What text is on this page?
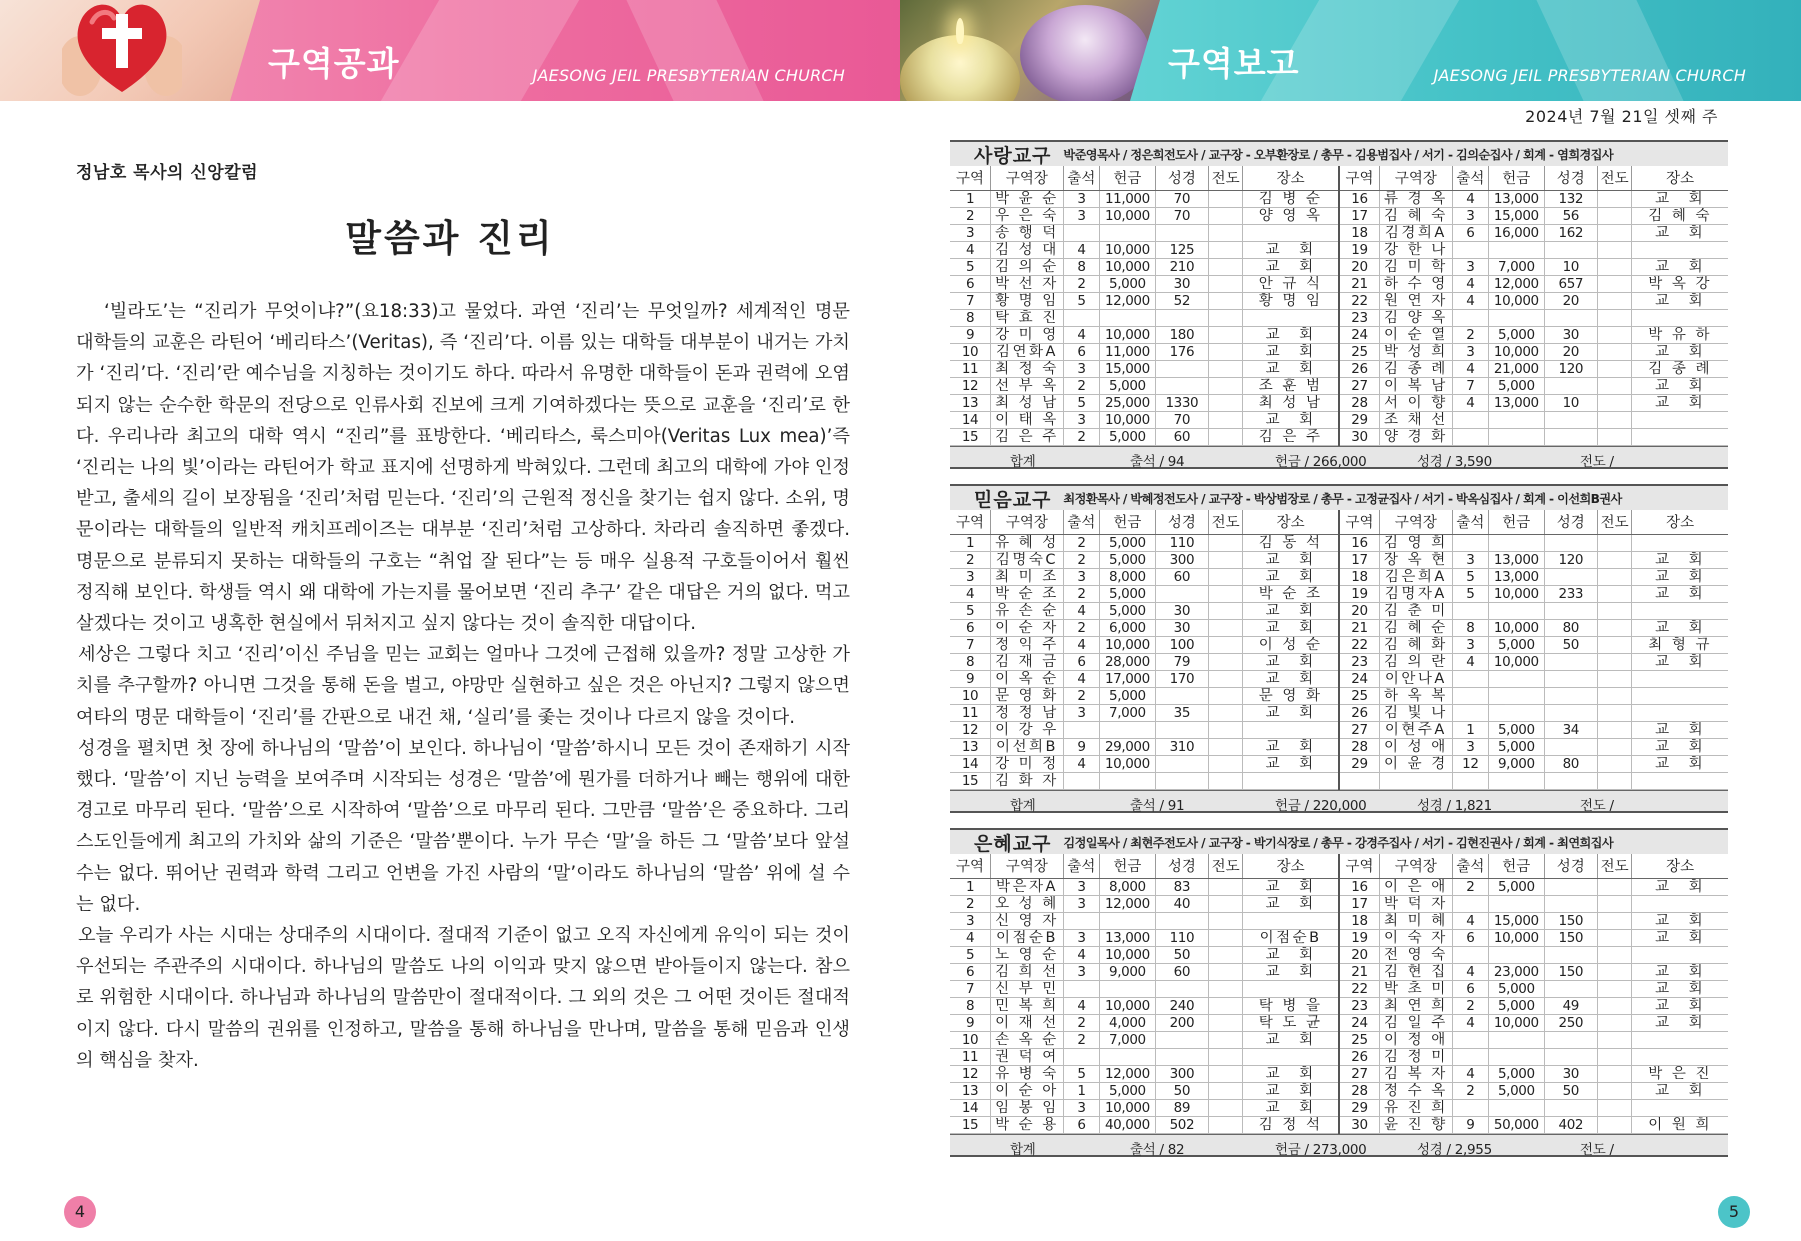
구역공과	JAESONG JEIL PRESBYTERIAN CHURCH
정남호 목사의 신앙칼럼
말씀과 진리

‘빌라도’는 “진리가 무엇이냐?”(요18:33)고 물었다. 과연 ‘진리’는 무엇일까? 세계적인 명문 대학들의 교훈은 라틴어 ‘베리타스’(Veritas), 즉 ‘진리’다. 이름 있는 대학들 대부분이 내거는 가치가 ‘진리’다. ‘진리’란 예수님을 지칭하는 것이기도 하다. 따라서 유명한 대학들이 돈과 권력에 오염되지 않는 순수한 학문의 전당으로 인류사회 진보에 크게 기여하겠다는 뜻으로 교훈을 ‘진리’로 한다. 우리나라 최고의 대학 역시 “진리”를 표방한다. ‘베리타스, 룩스미아(Veritas Lux mea)’즉 ‘진리는 나의 빛’이라는 라틴어가 학교 표지에 선명하게 박혀있다. 그런데 최고의 대학에 가야 인정 받고, 출세의 길이 보장됨을 ‘진리’처럼 믿는다. ‘진리’의 근원적 정신을 찾기는 쉽지 않다. 소위, 명문이라는 대학들의 일반적 캐치프레이즈는 대부분 ‘진리’처럼 고상하다. 차라리 솔직하면 좋겠다. 명문으로 분류되지 못하는 대학들의 구호는 “취업 잘 된다”는 등 매우 실용적 구호들이어서 훨씬 정직해 보인다. 학생들 역시 왜 대학에 가는지를 물어보면 ‘진리 추구’ 같은 대답은 거의 없다. 먹고 살겠다는 것이고 냉혹한 현실에서 뒤처지고 싶지 않다는 것이 솔직한 대답이다.

세상은 그렇다 치고 ‘진리’이신 주님을 믿는 교회는 얼마나 그것에 근접해 있을까? 정말 고상한 가치를 추구할까? 아니면 그것을 통해 돈을 벌고, 야망만 실현하고 싶은 것은 아닌지? 그렇지 않으면 여타의 명문 대학들이 ‘진리’를 간판으로 내건 채, ‘실리’를 좇는 것이나 다르지 않을 것이다.

성경을 펼치면 첫 장에 하나님의 ‘말씀’이 보인다. 하나님이 ‘말씀’하시니 모든 것이 존재하기 시작했다. ‘말씀’이 지닌 능력을 보여주며 시작되는 성경은 ‘말씀’에 뭔가를 더하거나 빼는 행위에 대한 경고로 마무리 된다. ‘말씀’으로 시작하여 ‘말씀’으로 마무리 된다. 그만큼 ‘말씀’은 중요하다. 그리스도인들에게 최고의 가치와 삶의 기준은 ‘말씀’뿐이다. 누가 무슨 ‘말’을 하든 그 ‘말씀’보다 앞설 수는 없다. 뛰어난 권력과 학력 그리고 언변을 가진 사람의 ‘말’이라도 하나님의 ‘말씀’ 위에 설 수는 없다.

오늘 우리가 사는 시대는 상대주의 시대이다. 절대적 기준이 없고 오직 자신에게 유익이 되는 것이 우선되는 주관주의 시대이다. 하나님의 말씀도 나의 이익과 맞지 않으면 받아들이지 않는다. 참으로 위험한 시대이다. 하나님과 하나님의 말씀만이 절대적이다. 그 외의 것은 그 어떤 것이든 절대적이지 않다. 다시 말씀의 권위를 인정하고, 말씀을 통해 하나님을 만나며, 말씀을 통해 믿음과 인생의 핵심을 찾자.

4
구역보고	JAESONG JEIL PRESBYTERIAN CHURCH
2024년 7월 21일 셋째 주
사랑교구 박준영목사 / 정은희전도사 / 교구장 - 오부환장로 / 총무 - 김용범집사 / 서기 - 김의순집사 / 회계 - 염희경집사
구역	구역장	출석	헌금	성경	전도	장소	구역	구역장	출석	헌금	성경	전도	장소
1	박 윤 순	3	11,000	70		김 병 순	16	류 경 옥	4	13,000	132		교　회
2	우 은 숙	3	10,000	70		양 영 옥	17	김 혜 숙	3	15,000	56		김 혜 숙
3	송 행 덕						18	김경희A	6	16,000	162		교　회
4	김 성 대	4	10,000	125		교　회	19	강 한 나					
5	김 의 순	8	10,000	210		교　회	20	김 미 학	3	7,000	10		교　회
6	박 선 자	2	5,000	30		안 규 식	21	하 수 영	4	12,000	657		박 옥 강
7	황 명 임	5	12,000	52		황 명 임	22	원 연 자	4	10,000	20		교　회
8	탁 효 진						23	김 양 옥					
9	강 미 영	4	10,000	180		교　회	24	이 순 열	2	5,000	30		박 유 하
10	김연화A	6	11,000	176		교　회	25	박 성 희	3	10,000	20		교　회
11	최 정 숙	3	15,000			교　회	26	김 종 례	4	21,000	120		김 종 례
12	선 부 옥	2	5,000			조 훈 범	27	이 복 남	7	5,000			교　회
13	최 성 남	5	25,000	1330		최 성 남	28	서 이 향	4	13,000	10		교　회
14	이 태 옥	3	10,000	70		교　회	29	조 채 선					
15	김 은 주	2	5,000	60		김 은 주	30	양 경 화					
합계	출석 / 94	헌금 / 266,000	성경 / 3,590	전도 /
믿음교구 최정환목사 / 박혜정전도사 / 교구장 - 박상범장로 / 총무 - 고정균집사 / 서기 - 박옥심집사 / 회계 - 이선희B권사
구역	구역장	출석	헌금	성경	전도	장소	구역	구역장	출석	헌금	성경	전도	장소
1	유 혜 성	2	5,000	110		김 동 석	16	김 영 희					
2	김명숙C	2	5,000	300		교　회	17	장 옥 현	3	13,000	120		교　회
3	최 미 조	3	8,000	60		교　회	18	김은희A	5	13,000			교　회
4	박 순 조	2	5,000			박 순 조	19	김명자A	5	10,000	233		교　회
5	유 손 순	4	5,000	30		교　회	20	김 춘 미					
6	이 순 자	2	6,000	30		교　회	21	김 혜 순	8	10,000	80		교　회
7	정 익 주	4	10,000	100		이 성 순	22	김 혜 화	3	5,000	50		최 형 규
8	김 재 금	6	28,000	79		교　회	23	김 의 란	4	10,000			교　회
9	이 옥 순	4	17,000	170		교　회	24	이안나A					
10	문 영 화	2	5,000			문 영 화	25	하 옥 복					
11	정 정 남	3	7,000	35		교　회	26	김 빛 나					
12	이 강 우						27	이현주A	1	5,000	34		교　회
13	이선희B	9	29,000	310		교　회	28	이 성 애	3	5,000			교　회
14	강 미 정	4	10,000			교　회	29	이 윤 경	12	9,000	80		교　회
15	김 화 자												
합계	출석 / 91	헌금 / 220,000	성경 / 1,821	전도 /
은혜교구 김정일목사 / 최현주전도사 / 교구장 - 박기식장로 / 총무 - 강경주집사 / 서기 - 김현진권사 / 회계 - 최연희집사
구역	구역장	출석	헌금	성경	전도	장소	구역	구역장	출석	헌금	성경	전도	장소
1	박은자A	3	8,000	83		교　회	16	이 은 애	2	5,000			교　회
2	오 성 혜	3	12,000	40		교　회	17	박 덕 자					
3	신 영 자						18	최 미 혜	4	15,000	150		교　회
4	이점순B	3	13,000	110		이점순B	19	이 숙 자	6	10,000	150		교　회
5	노 영 순	4	10,000	50		교　회	20	전 영 숙					
6	김 희 선	3	9,000	60		교　회	21	김 현 집	4	23,000	150		교　회
7	신 부 민						22	박 초 미	6	5,000			교　회
8	민 복 희	4	10,000	240		탁 병 을	23	최 연 희	2	5,000	49		교　회
9	이 재 선	2	4,000	200		탁 도 균	24	김 일 주	4	10,000	250		교　회
10	손 옥 순	2	7,000			교　회	25	이 정 애					
11	권 덕 여						26	김 정 미					
12	유 병 숙	5	12,000	300		교　회	27	김 복 자	4	5,000	30		박 은 진
13	이 순 아	1	5,000	50		교　회	28	정 수 옥	2	5,000	50		교　회
14	임 봉 임	3	10,000	89		교　회	29	유 진 희					
15	박 순 용	6	40,000	502		김 정 석	30	윤 진 향	9	50,000	402		이 원 희
합계	출석 / 82	헌금 / 273,000	성경 / 2,955	전도 /
5
